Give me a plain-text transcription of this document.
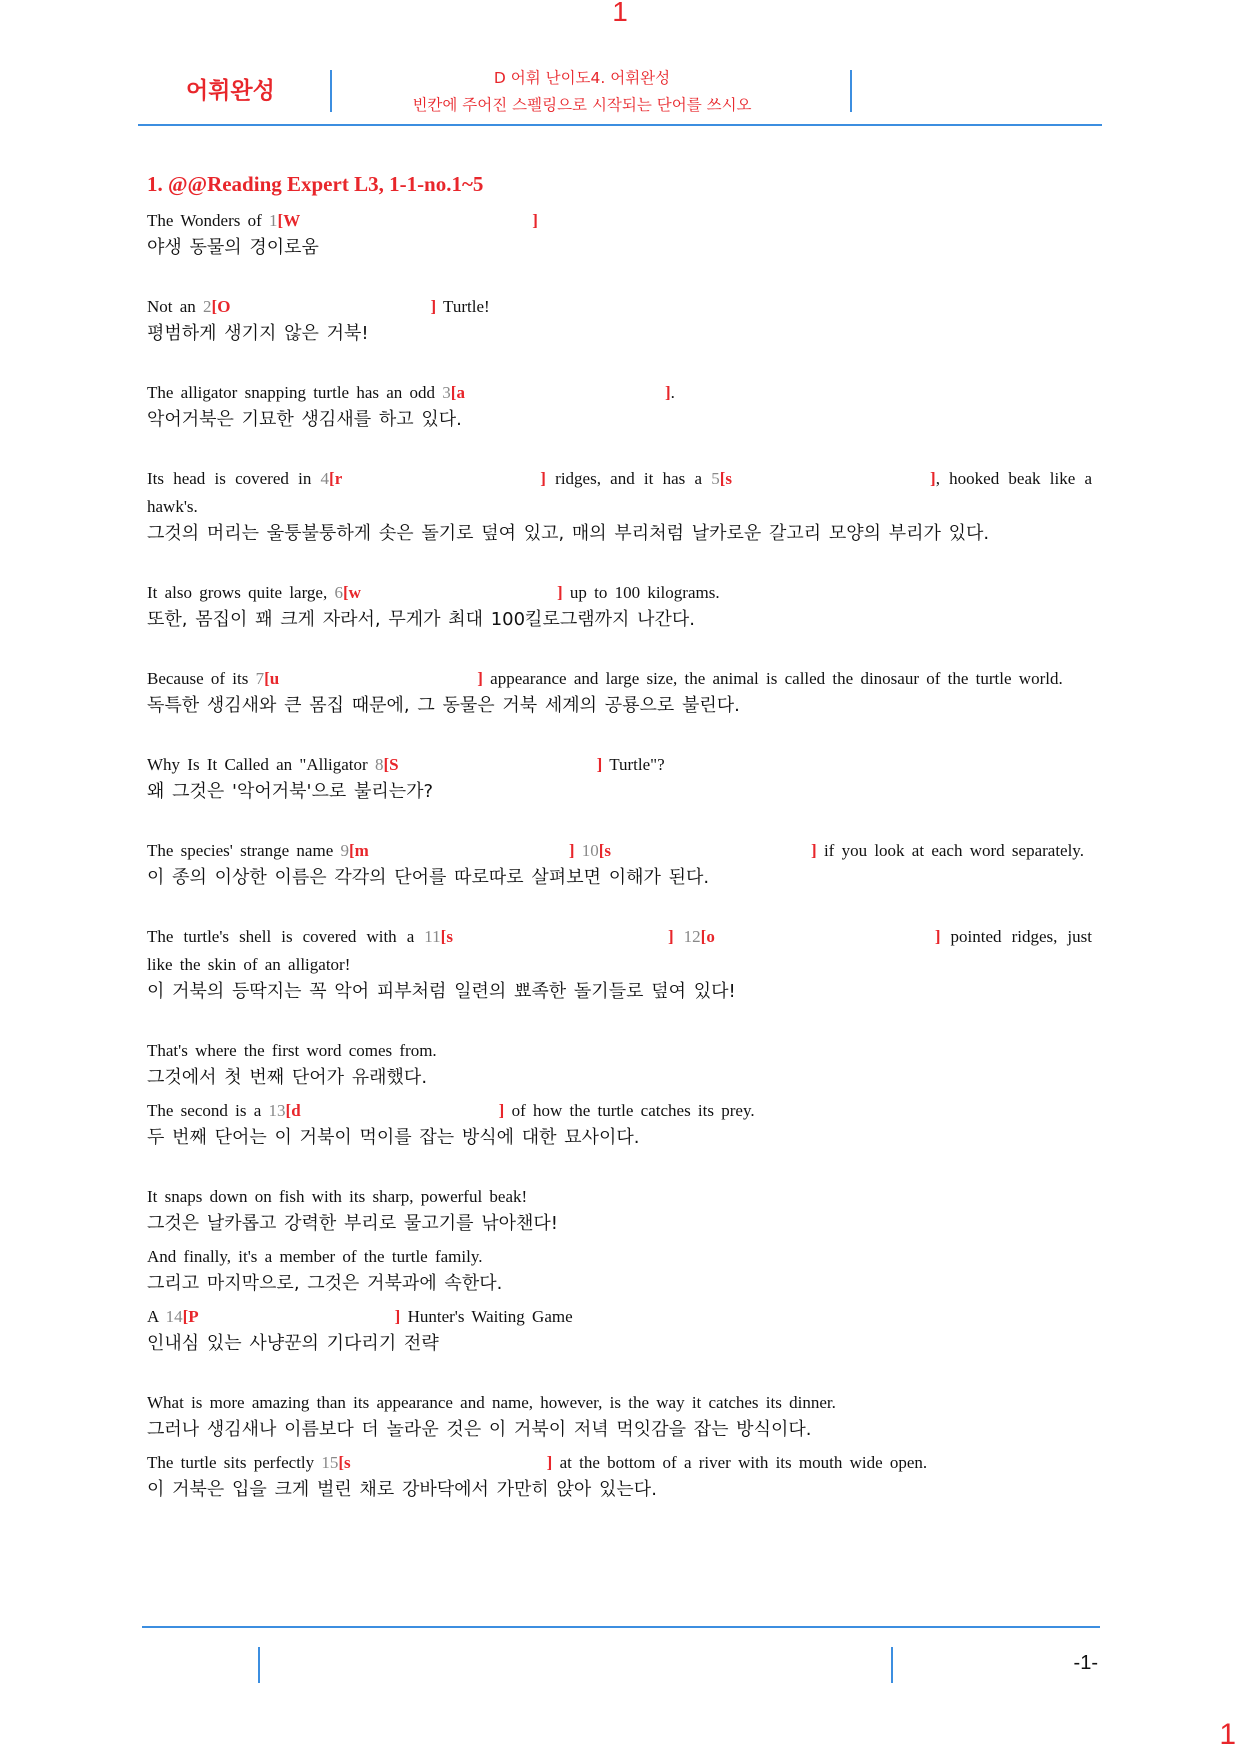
1
어휘완성	D 어휘 난이도4. 어휘완성
빈칸에 주어진 스펠링으로 시작되는 단어를 쓰시오
1. @@Reading Expert L3, 1-1-no.1~5
The Wonders of 1[W	]
야생 동물의 경이로움
Not an 2[O	] Turtle!
평범하게 생기지 않은 거북!
The alligator snapping turtle has an odd 3[a	].
악어거북은 기묘한 생김새를 하고 있다.
Its head is covered in 4[r	] ridges, and it has a 5[s	], hooked beak like a hawk's.
그것의 머리는 울퉁불퉁하게 솟은 돌기로 덮여 있고, 매의 부리처럼 날카로운 갈고리 모양의 부리가 있다.
It also grows quite large, 6[w	] up to 100 kilograms.
또한, 몸집이 꽤 크게 자라서, 무게가 최대 100킬로그램까지 나간다.
Because of its 7[u	] appearance and large size, the animal is called the dinosaur of the turtle world.
독특한 생김새와 큰 몸집 때문에, 그 동물은 거북 세계의 공룡으로 불린다.
Why Is It Called an "Alligator 8[S	] Turtle"?
왜 그것은 '악어거북'으로 불리는가?
The species' strange name 9[m	] 10[s	] if you look at each word separately.
이 종의 이상한 이름은 각각의 단어를 따로따로 살펴보면 이해가 된다.
The turtle's shell is covered with a 11[s	] 12[o	] pointed ridges, just like the skin of an alligator!
이 거북의 등딱지는 꼭 악어 피부처럼 일련의 뾰족한 돌기들로 덮여 있다!
That's where the first word comes from.
그것에서 첫 번째 단어가 유래했다.
The second is a 13[d	] of how the turtle catches its prey.
두 번째 단어는 이 거북이 먹이를 잡는 방식에 대한 묘사이다.
It snaps down on fish with its sharp, powerful beak!
그것은 날카롭고 강력한 부리로 물고기를 낚아챈다!
And finally, it's a member of the turtle family.
그리고 마지막으로, 그것은 거북과에 속한다.
A 14[P	] Hunter's Waiting Game
인내심 있는 사냥꾼의 기다리기 전략
What is more amazing than its appearance and name, however, is the way it catches its dinner.
그러나 생김새나 이름보다 더 놀라운 것은 이 거북이 저녁 먹잇감을 잡는 방식이다.
The turtle sits perfectly 15[s	] at the bottom of a river with its mouth wide open.
이 거북은 입을 크게 벌린 채로 강바닥에서 가만히 앉아 있는다.
-1-
1
